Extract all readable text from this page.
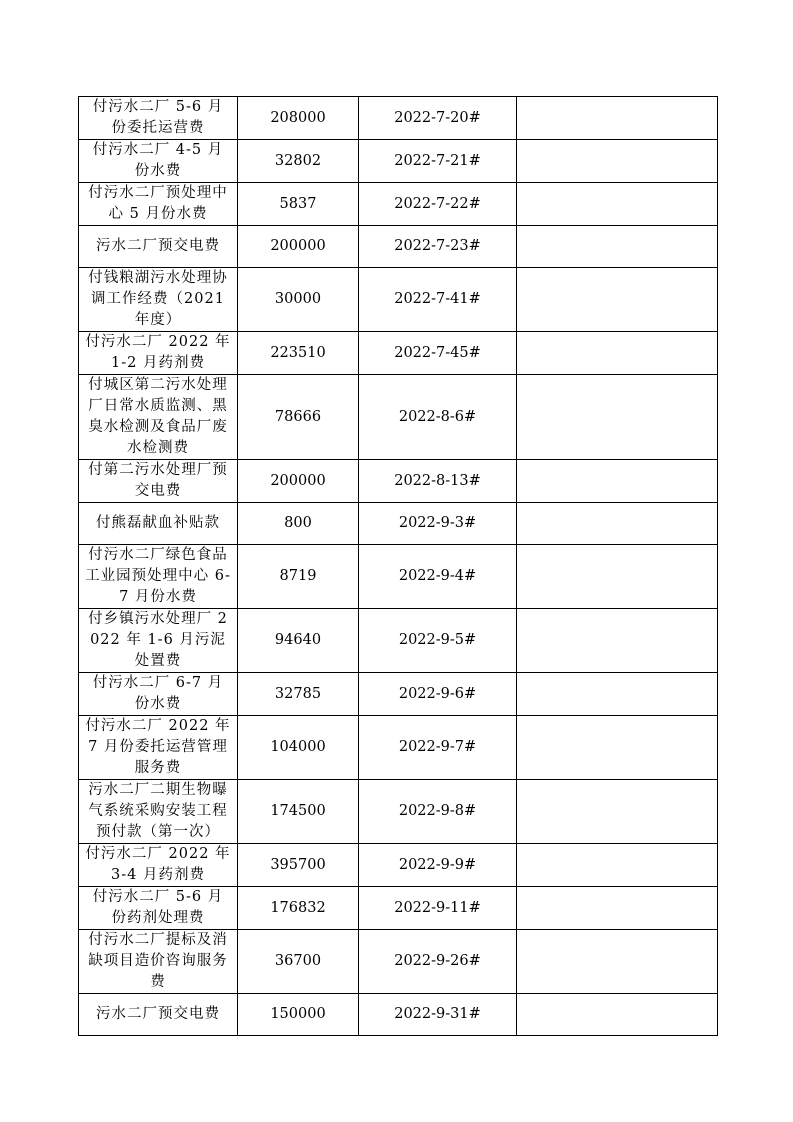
付污水二厂 5-6 月份委托运营费	208000	2022-7-20#	
付污水二厂 4-5 月份水费	32802	2022-7-21#	
付污水二厂预处理中心 5 月份水费	5837	2022-7-22#	
污水二厂预交电费	200000	2022-7-23#	
付钱粮湖污水处理协调工作经费（2021 年度）	30000	2022-7-41#	
付污水二厂 2022 年 1-2 月药剂费	223510	2022-7-45#	
付城区第二污水处理厂日常水质监测、黑臭水检测及食品厂废水检测费	78666	2022-8-6#	
付第二污水处理厂预交电费	200000	2022-8-13#	
付熊磊献血补贴款	800	2022-9-3#	
付污水二厂绿色食品工业园预处理中心 6-7 月份水费	8719	2022-9-4#	
付乡镇污水处理厂 2022 年 1-6 月污泥处置费	94640	2022-9-5#	
付污水二厂 6-7 月份水费	32785	2022-9-6#	
付污水二厂 2022 年 7 月份委托运营管理服务费	104000	2022-9-7#	
污水二厂二期生物曝气系统采购安装工程预付款（第一次）	174500	2022-9-8#	
付污水二厂 2022 年 3-4 月药剂费	395700	2022-9-9#	
付污水二厂 5-6 月份药剂处理费	176832	2022-9-11#	
付污水二厂提标及消缺项目造价咨询服务费	36700	2022-9-26#	
污水二厂预交电费	150000	2022-9-31#	
